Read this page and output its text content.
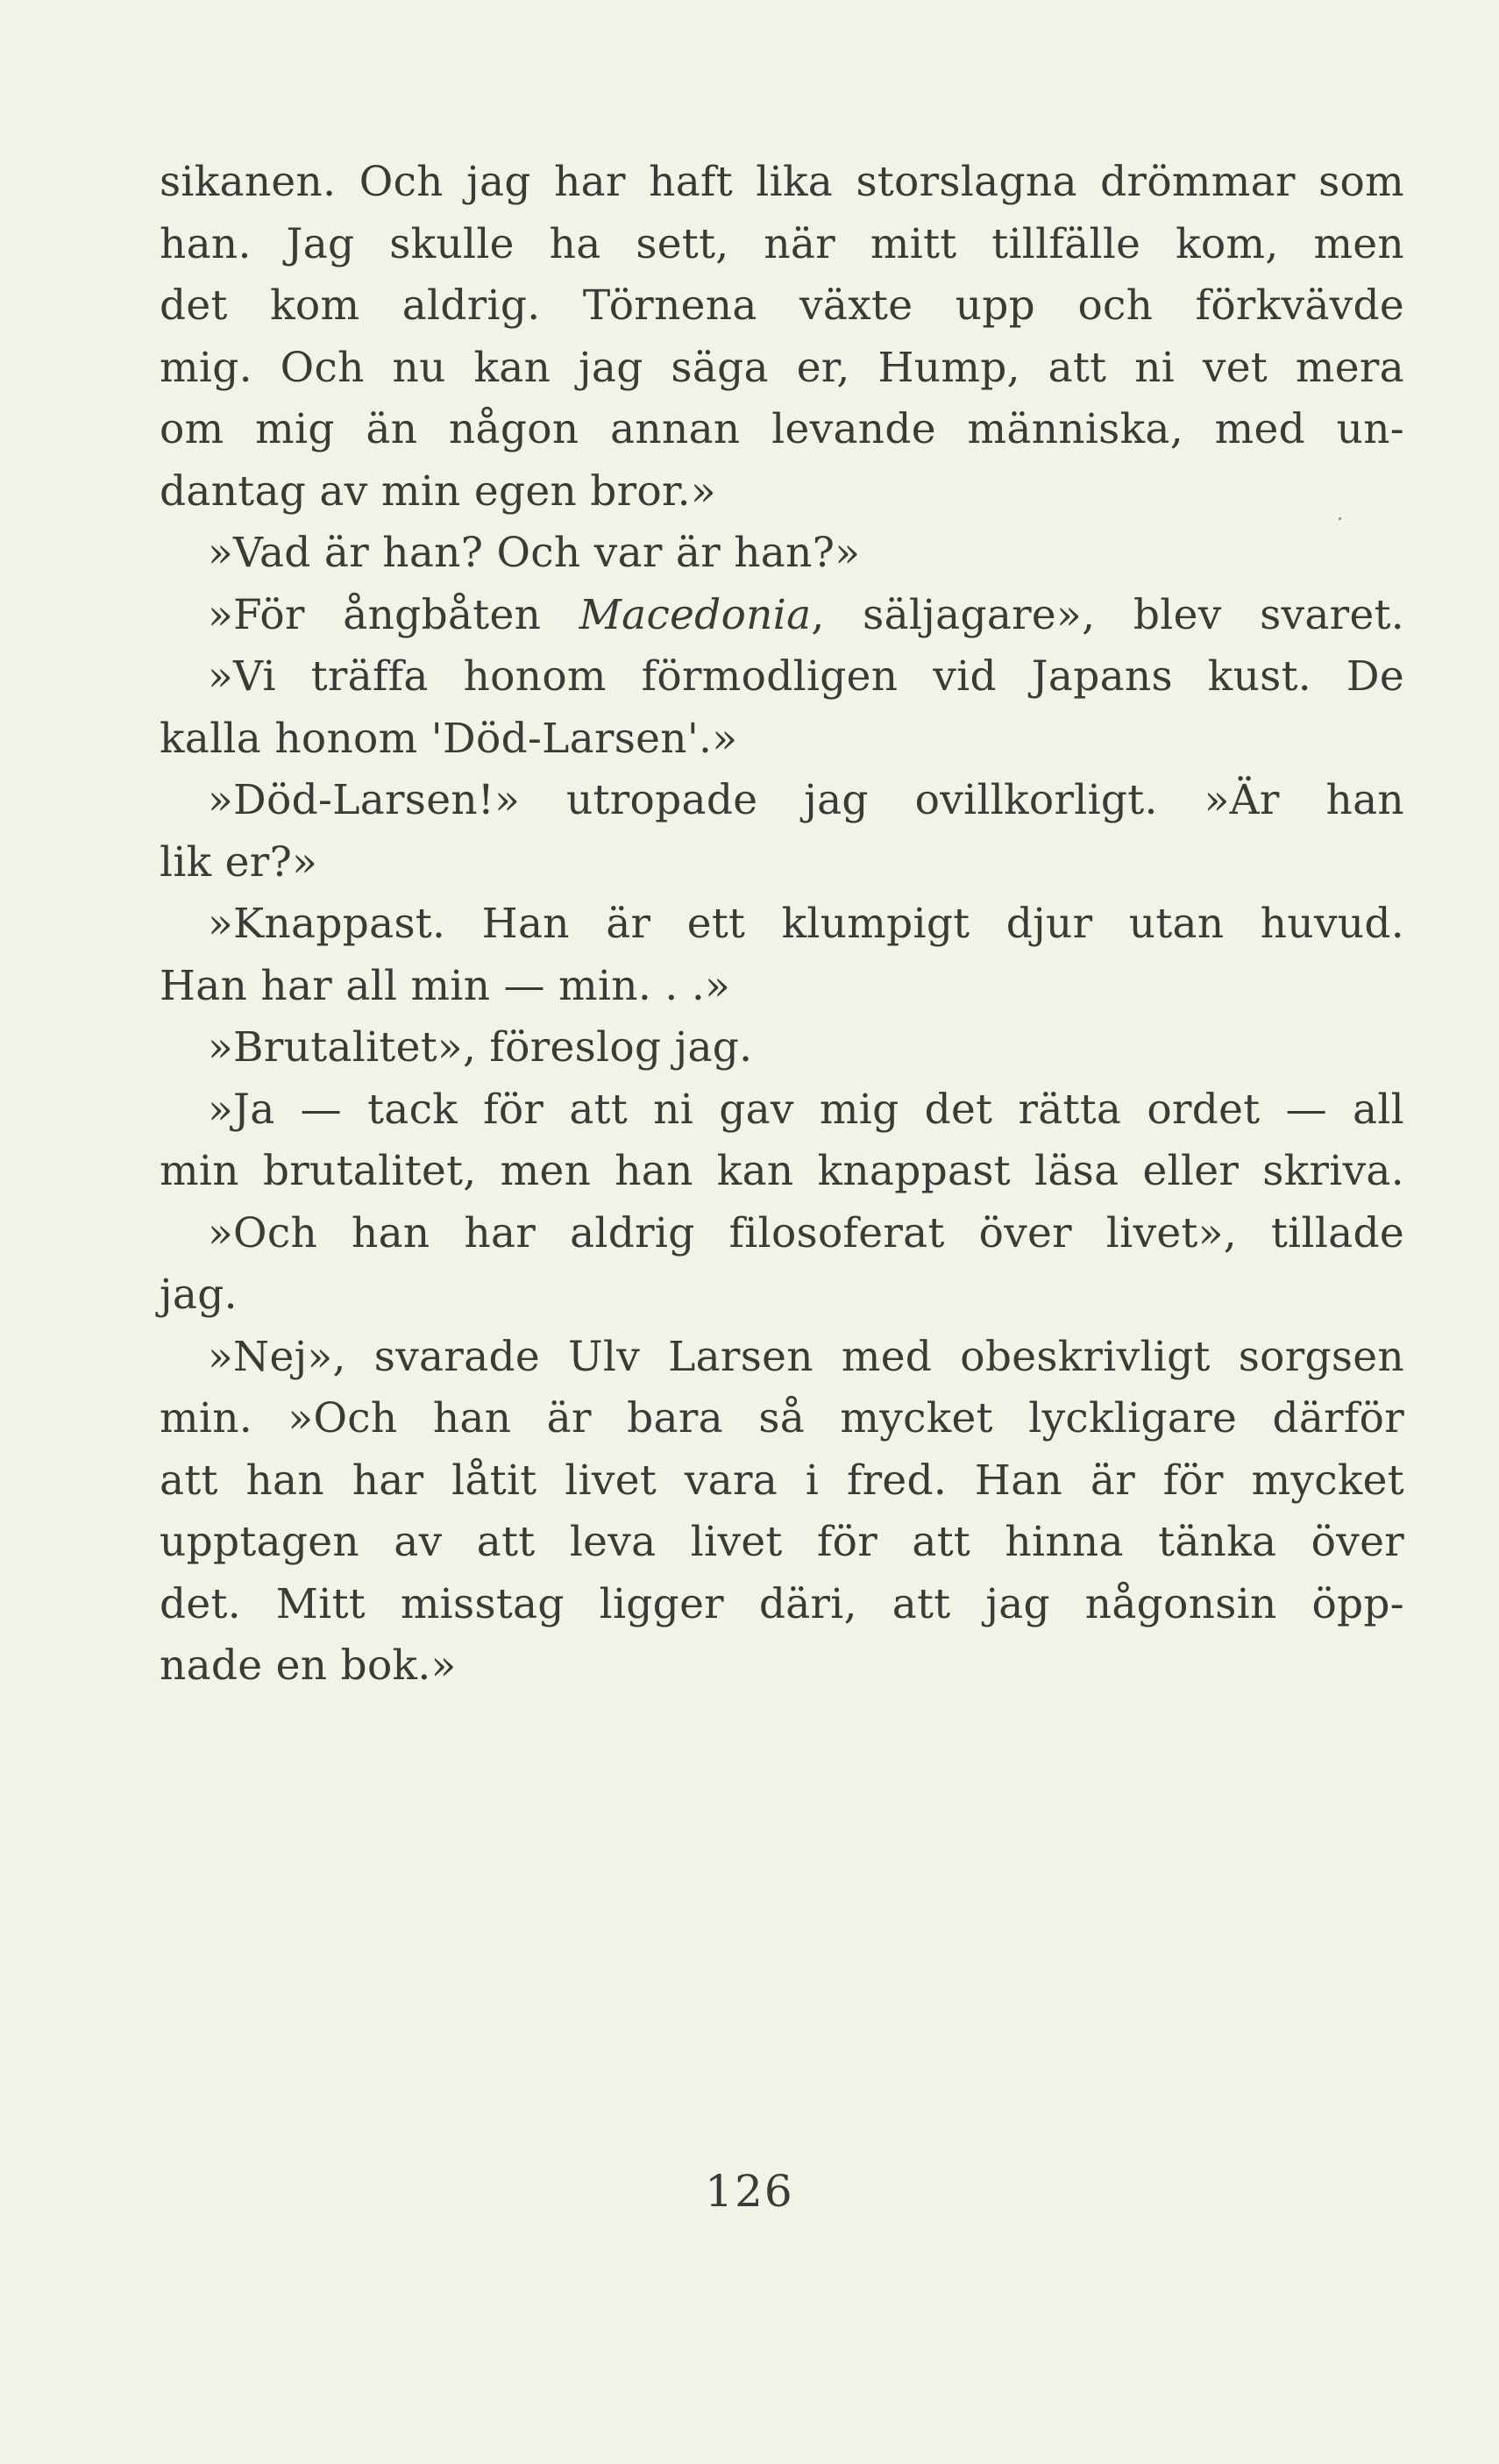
sikanen. Och jag har haft lika storslagna drömmar som
han. Jag skulle ha sett, när mitt tillfälle kom, men
det kom aldrig. Törnena växte upp och förkvävde
mig. Och nu kan jag säga er, Hump, att ni vet mera
om mig än någon annan levande människa, med un-
dantag av min egen bror.»
»Vad är han? Och var är han?»
»För ångbåten Macedonia, säljagare», blev svaret.
»Vi träffa honom förmodligen vid Japans kust. De
kalla honom 'Död-Larsen'.»
»Död-Larsen!» utropade jag ovillkorligt. »Är han
lik er?»
»Knappast. Han är ett klumpigt djur utan huvud.
Han har all min — min. . .»
»Brutalitet», föreslog jag.
»Ja — tack för att ni gav mig det rätta ordet — all
min brutalitet, men han kan knappast läsa eller skriva.
»Och han har aldrig filosoferat över livet», tillade
jag.
»Nej», svarade Ulv Larsen med obeskrivligt sorgsen
min. »Och han är bara så mycket lyckligare därför
att han har låtit livet vara i fred. Han är för mycket
upptagen av att leva livet för att hinna tänka över
det. Mitt misstag ligger däri, att jag någonsin öpp-
nade en bok.»
126
